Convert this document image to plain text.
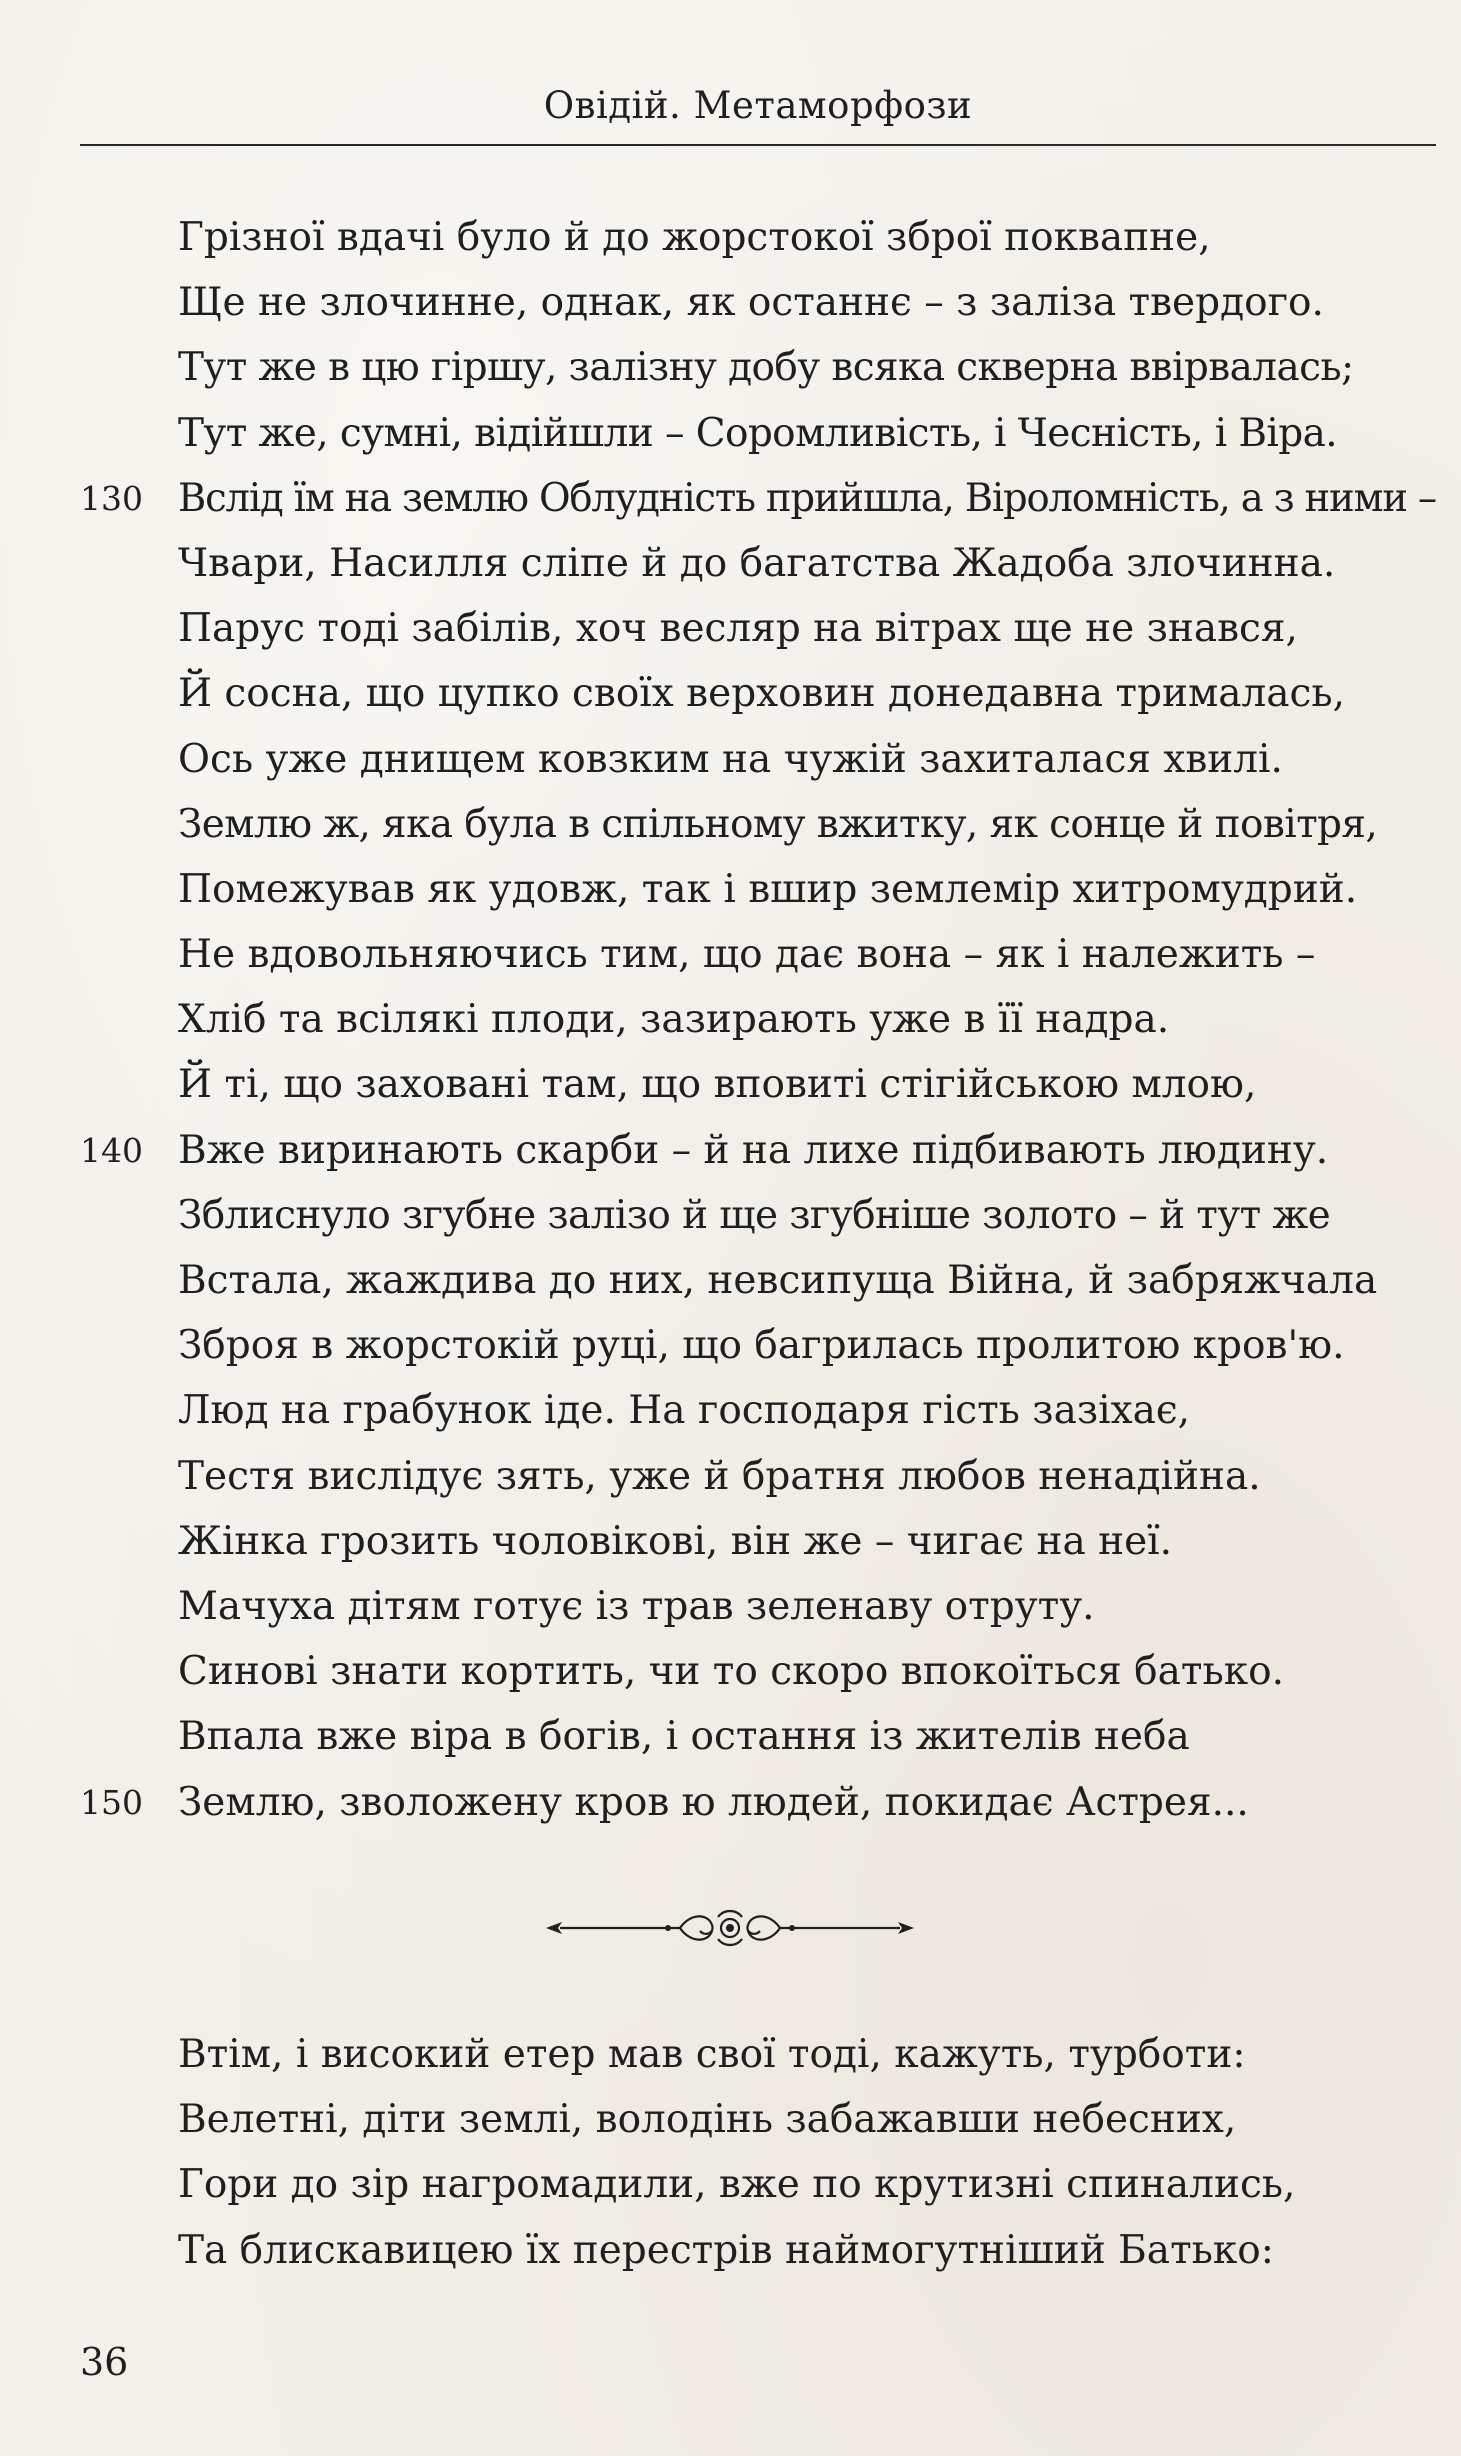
Овідій. Метаморфози
Грізної вдачі було й до жорстокої зброї поквапне,
Ще не злочинне, однак, як останнє – з заліза твердого.
Тут же в цю гіршу, залізну добу всяка скверна ввірвалась;
Тут же, сумні, відійшли – Соромливість, і Чесність, і Віра.
130 Вслід їм на землю Облудність прийшла, Віроломність, а з ними –
Чвари, Насилля сліпе й до багатства Жадоба злочинна.
Парус тоді забілів, хоч весляр на вітрах ще не знався,
Й сосна, що цупко своїх верховин донедавна трималась,
Ось уже днищем ковзким на чужій захиталася хвилі.
Землю ж, яка була в спільному вжитку, як сонце й повітря,
Помежував як удовж, так і вшир землемір хитромудрий.
Не вдовольняючись тим, що дає вона – як і належить –
Хліб та всілякі плоди, зазирають уже в її надра.
Й ті, що заховані там, що вповиті стігійською млою,
140 Вже виринають скарби – й на лихе підбивають людину.
Зблиснуло згубне залізо й ще згубніше золото – й тут же
Встала, жаждива до них, невсипуща Війна, й забряжчала
Зброя в жорстокій руці, що багрилась пролитою кров'ю.
Люд на грабунок іде. На господаря гість зазіхає,
Тестя вислідує зять, уже й братня любов ненадійна.
Жінка грозить чоловікові, він же – чигає на неї.
Мачуха дітям готує із трав зеленаву отруту.
Синові знати кортить, чи то скоро впокоїться батько.
Впала вже віра в богів, і остання із жителів неба
150 Землю, зволожену кров ю людей, покидає Астрея...
Втім, і високий етер мав свої тоді, кажуть, турботи:
Велетні, діти землі, володінь забажавши небесних,
Гори до зір нагромадили, вже по крутизні спинались,
Та блискавицею їх перестрів наймогутніший Батько:
36
